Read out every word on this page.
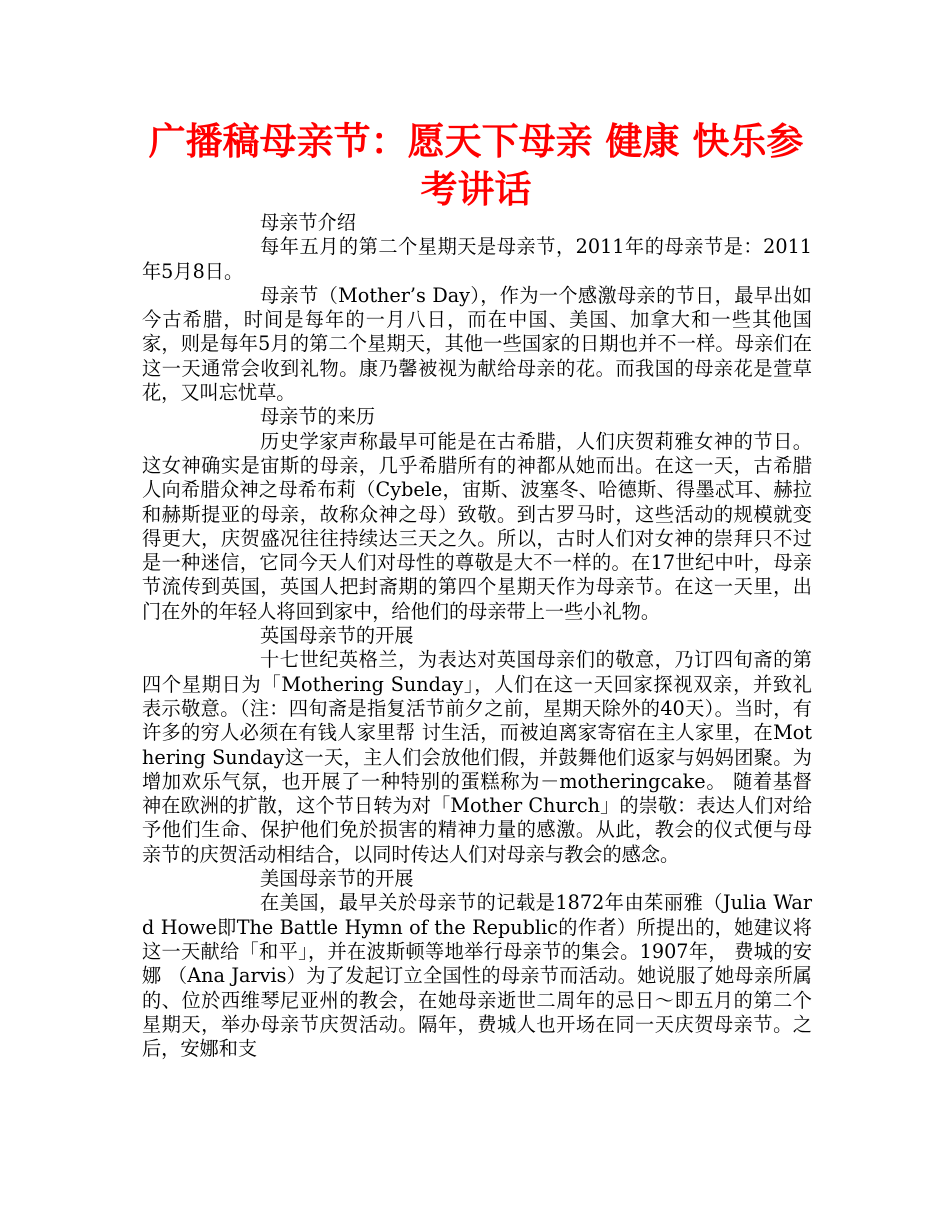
广播稿母亲节：愿天下母亲 健康 快乐参考讲话

母亲节介绍

每年五月的第二个星期天是母亲节，2011年的母亲节是：2011年5月8日。

母亲节（Mother’s Day），作为一个感激母亲的节日，最早出如今古希腊，时间是每年的一月八日，而在中国、美国、加拿大和一些其他国家，则是每年5月的第二个星期天，其他一些国家的日期也并不一样。母亲们在这一天通常会收到礼物。康乃馨被视为献给母亲的花。而我国的母亲花是萱草花，又叫忘忧草。

母亲节的来历

历史学家声称最早可能是在古希腊，人们庆贺莉雅女神的节日。这女神确实是宙斯的母亲，几乎希腊所有的神都从她而出。在这一天，古希腊人向希腊众神之母希布莉（Cybele，宙斯、波塞冬、哈德斯、得墨忒耳、赫拉和赫斯提亚的母亲，故称众神之母）致敬。到古罗马时，这些活动的规模就变得更大，庆贺盛况往往持续达三天之久。所以，古时人们对女神的崇拜只不过是一种迷信，它同今天人们对母性的尊敬是大不一样的。在17世纪中叶，母亲节流传到英国，英国人把封斋期的第四个星期天作为母亲节。在这一天里，出门在外的年轻人将回到家中，给他们的母亲带上一些小礼物。

英国母亲节的开展

十七世纪英格兰，为表达对英国母亲们的敬意，乃订四旬斋的第四个星期日为「Mothering Sunday」，人们在这一天回家探视双亲，并致礼表示敬意。（注：四旬斋是指复活节前夕之前，星期天除外的40天）。当时，有许多的穷人必须在有钱人家里帮 讨生活，而被迫离家寄宿在主人家里，在Mothering Sunday这一天，主人们会放他们假，并鼓舞他们返家与妈妈团聚。为增加欢乐气氛，也开展了一种特别的蛋糕称为－motheringcake。 随着基督神在欧洲的扩散，这个节日转为对「Mother Church」的崇敬：表达人们对给予他们生命、保护他们免於损害的精神力量的感激。从此，教会的仪式便与母亲节的庆贺活动相结合，以同时传达人们对母亲与教会的感念。

美国母亲节的开展

在美国，最早关於母亲节的记载是1872年由茱丽雅（Julia Ward Howe即The Battle Hymn of the Republic的作者）所提出的，她建议将这一天献给「和平」，并在波斯顿等地举行母亲节的集会。1907年， 费城的安娜 （Ana Jarvis）为了发起订立全国性的母亲节而活动。她说服了她母亲所属的、位於西维琴尼亚州的教会，在她母亲逝世二周年的忌日～即五月的第二个星期天，举办母亲节庆贺活动。隔年，费城人也开场在同一天庆贺母亲节。之后，安娜和支
